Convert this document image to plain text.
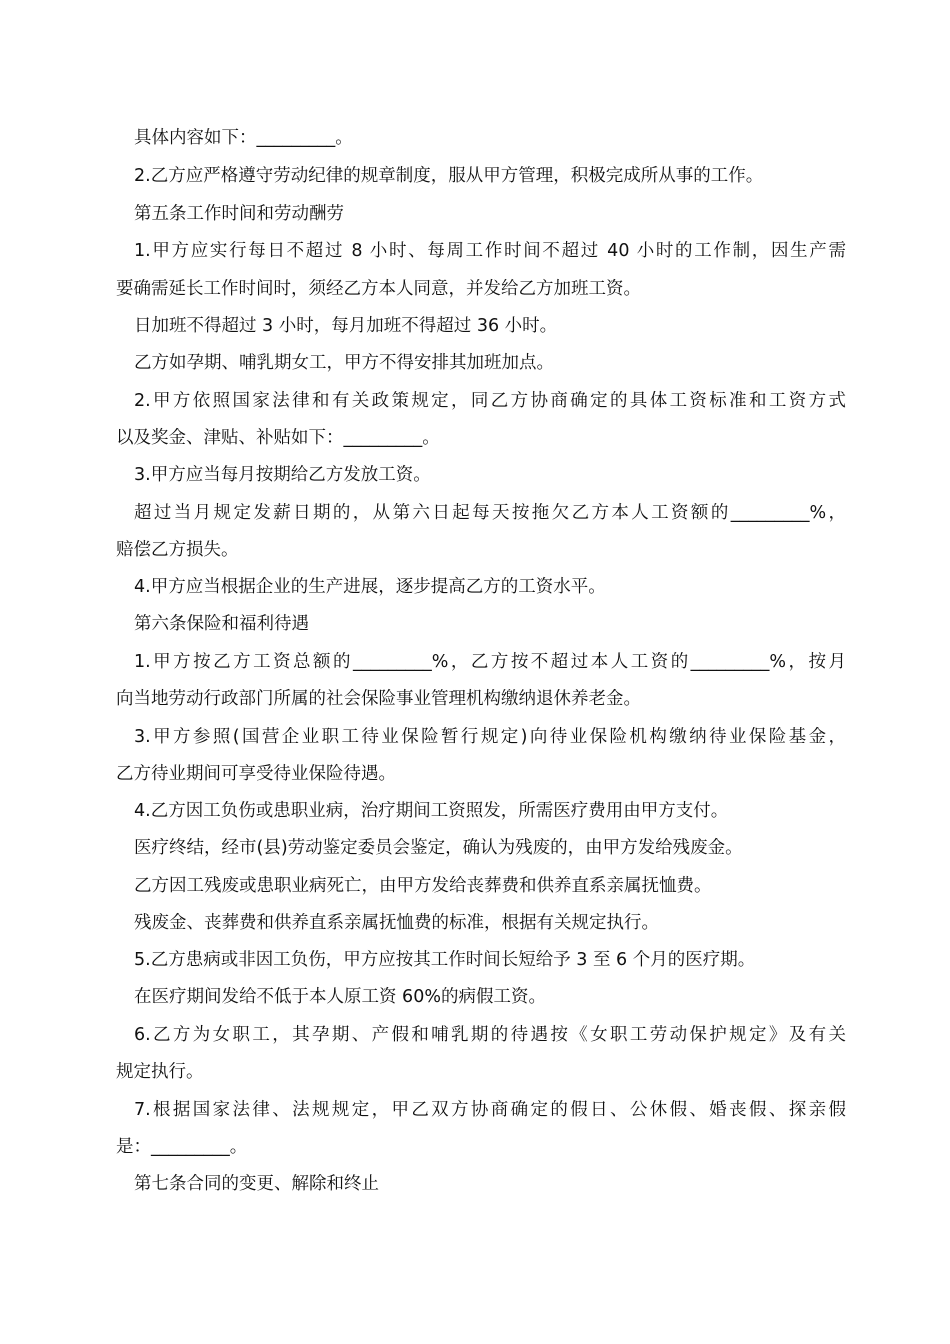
具体内容如下：_________。
2.乙方应严格遵守劳动纪律的规章制度，服从甲方管理，积极完成所从事的工作。
第五条工作时间和劳动酬劳
1.甲方应实行每日不超过 8 小时、每周工作时间不超过 40 小时的工作制，因生产需
要确需延长工作时间时，须经乙方本人同意，并发给乙方加班工资。
日加班不得超过 3 小时，每月加班不得超过 36 小时。
乙方如孕期、哺乳期女工，甲方不得安排其加班加点。
2.甲方依照国家法律和有关政策规定，同乙方协商确定的具体工资标准和工资方式
以及奖金、津贴、补贴如下：_________。
3.甲方应当每月按期给乙方发放工资。
超过当月规定发薪日期的，从第六日起每天按拖欠乙方本人工资额的_________%，
赔偿乙方损失。
4.甲方应当根据企业的生产进展，逐步提高乙方的工资水平。
第六条保险和福利待遇
1.甲方按乙方工资总额的_________%，乙方按不超过本人工资的_________%，按月
向当地劳动行政部门所属的社会保险事业管理机构缴纳退休养老金。
3.甲方参照(国营企业职工待业保险暂行规定)向待业保险机构缴纳待业保险基金，
乙方待业期间可享受待业保险待遇。
4.乙方因工负伤或患职业病，治疗期间工资照发，所需医疗费用由甲方支付。
医疗终结，经市(县)劳动鉴定委员会鉴定，确认为残废的，由甲方发给残废金。
乙方因工残废或患职业病死亡，由甲方发给丧葬费和供养直系亲属抚恤费。
残废金、丧葬费和供养直系亲属抚恤费的标准，根据有关规定执行。
5.乙方患病或非因工负伤，甲方应按其工作时间长短给予 3 至 6 个月的医疗期。
在医疗期间发给不低于本人原工资 60%的病假工资。
6.乙方为女职工，其孕期、产假和哺乳期的待遇按《女职工劳动保护规定》及有关
规定执行。
7.根据国家法律、法规规定，甲乙双方协商确定的假日、公休假、婚丧假、探亲假
是：_________。
第七条合同的变更、解除和终止
